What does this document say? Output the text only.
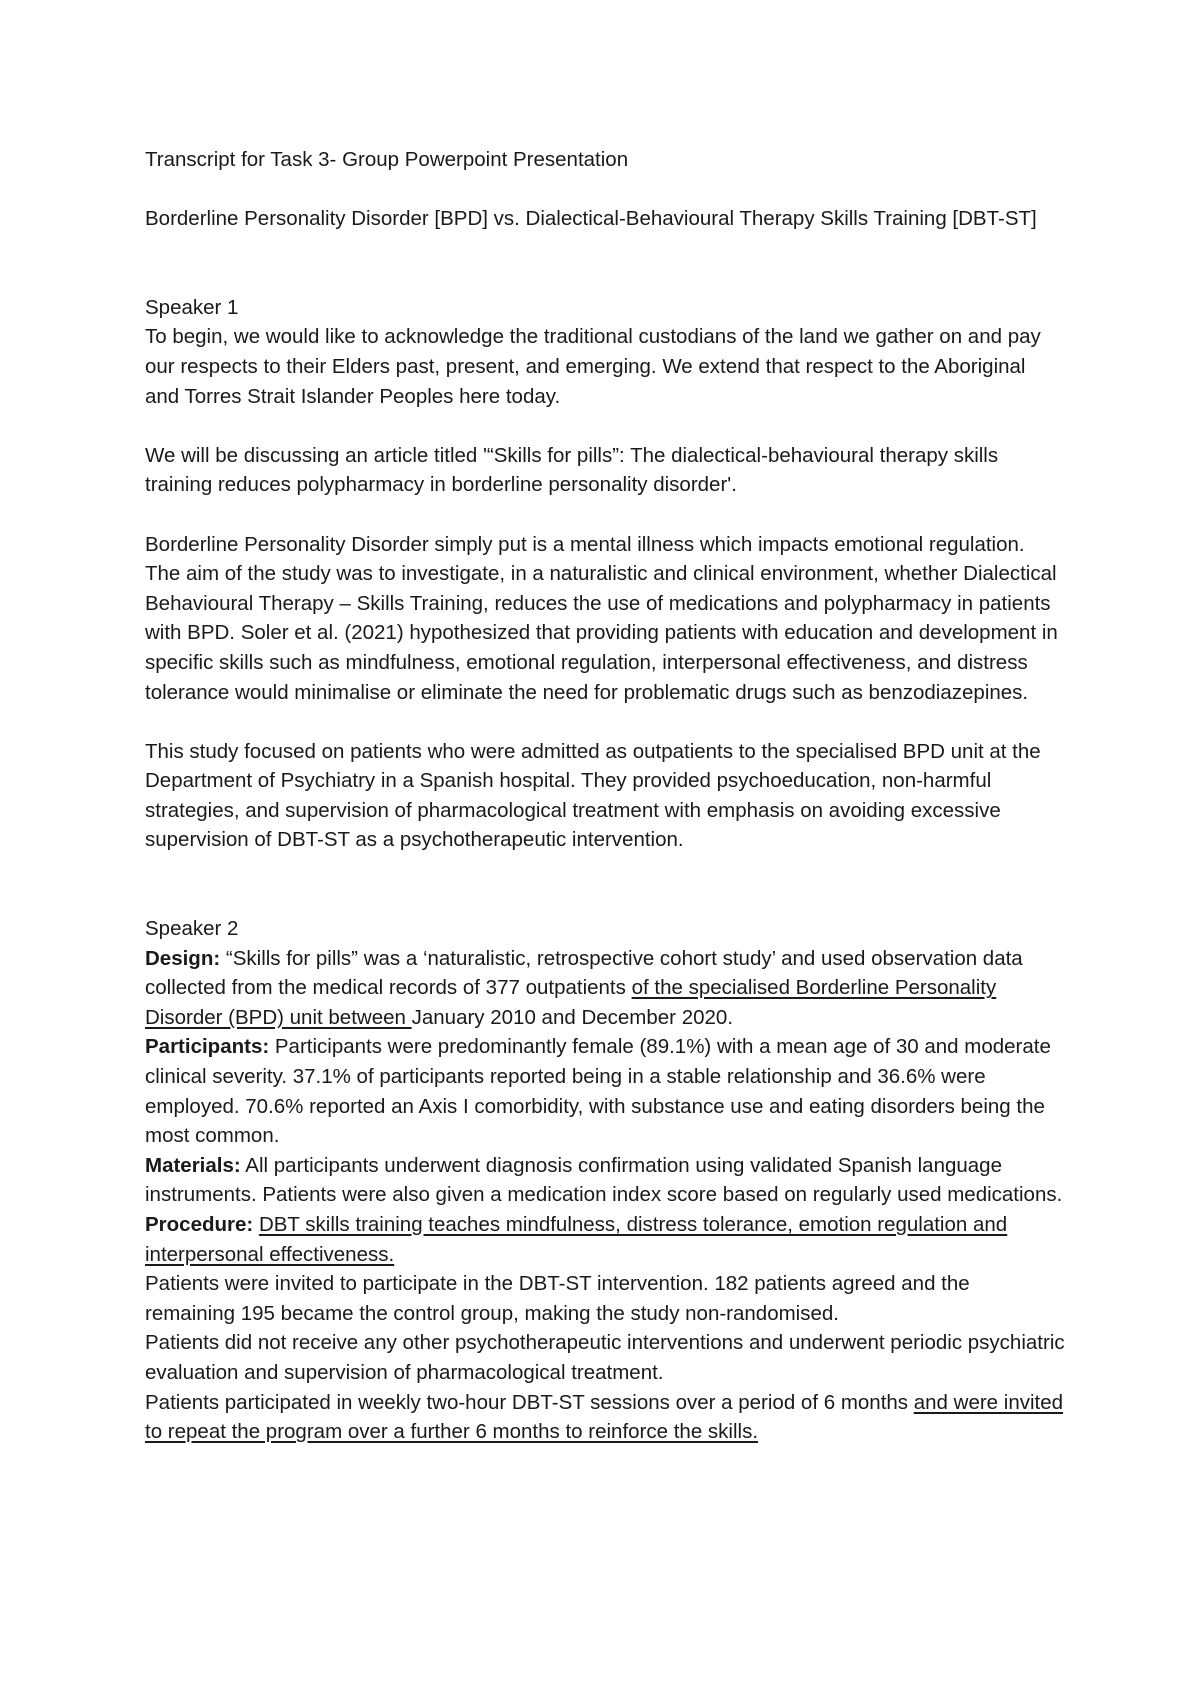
Transcript for Task 3- Group Powerpoint Presentation

Borderline Personality Disorder [BPD] vs. Dialectical-Behavioural Therapy Skills Training [DBT-ST]

Speaker 1

To begin, we would like to acknowledge the traditional custodians of the land we gather on and pay our respects to their Elders past, present, and emerging. We extend that respect to the Aboriginal and Torres Strait Islander Peoples here today.

We will be discussing an article titled '“Skills for pills”: The dialectical-behavioural therapy skills training reduces polypharmacy in borderline personality disorder'.

Borderline Personality Disorder simply put is a mental illness which impacts emotional regulation. The aim of the study was to investigate, in a naturalistic and clinical environment, whether Dialectical Behavioural Therapy – Skills Training, reduces the use of medications and polypharmacy in patients with BPD. Soler et al. (2021) hypothesized that providing patients with education and development in specific skills such as mindfulness, emotional regulation, interpersonal effectiveness, and distress tolerance would minimalise or eliminate the need for problematic drugs such as benzodiazepines.

This study focused on patients who were admitted as outpatients to the specialised BPD unit at the Department of Psychiatry in a Spanish hospital. They provided psychoeducation, non-harmful strategies, and supervision of pharmacological treatment with emphasis on avoiding excessive supervision of DBT-ST as a psychotherapeutic intervention.

Speaker 2

Design: “Skills for pills” was a ‘naturalistic, retrospective cohort study’ and used observation data collected from the medical records of 377 outpatients of the specialised Borderline Personality Disorder (BPD) unit between January 2010 and December 2020.

Participants: Participants were predominantly female (89.1%) with a mean age of 30 and moderate clinical severity. 37.1% of participants reported being in a stable relationship and 36.6% were employed. 70.6% reported an Axis I comorbidity, with substance use and eating disorders being the most common.

Materials: All participants underwent diagnosis confirmation using validated Spanish language instruments. Patients were also given a medication index score based on regularly used medications.

Procedure: DBT skills training teaches mindfulness, distress tolerance, emotion regulation and interpersonal effectiveness.

Patients were invited to participate in the DBT-ST intervention. 182 patients agreed and the remaining 195 became the control group, making the study non-randomised.

Patients did not receive any other psychotherapeutic interventions and underwent periodic psychiatric evaluation and supervision of pharmacological treatment.

Patients participated in weekly two-hour DBT-ST sessions over a period of 6 months and were invited to repeat the program over a further 6 months to reinforce the skills.
